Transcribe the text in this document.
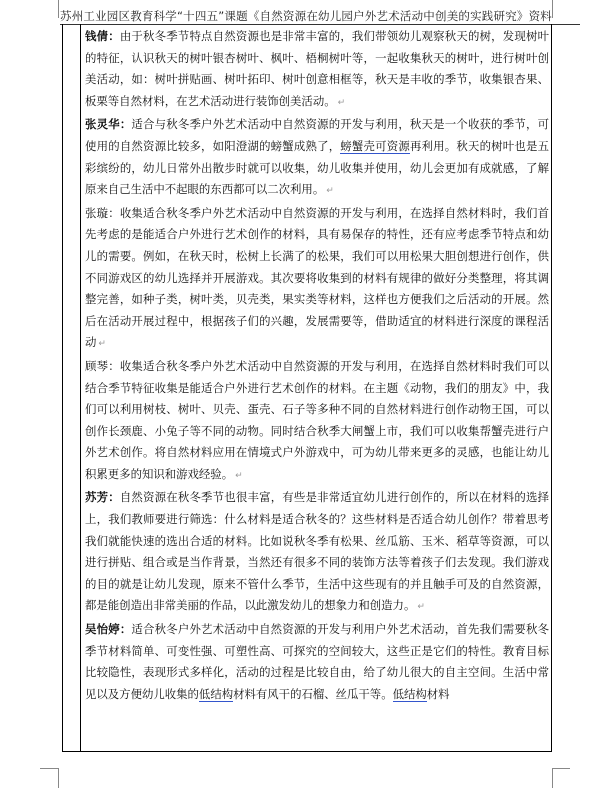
苏州工业园区教育科学“十四五”课题《自然资源在幼儿园户外艺术活动中创美的实践研究》资料

钱倩：由于秋冬季节特点自然资源也是非常丰富的，我们带领幼儿观察秋天的树，发现树叶的特征，认识秋天的树叶银杏树叶、枫叶、梧桐树叶等，一起收集秋天的树叶，进行树叶创美活动，如：树叶拼贴画、树叶拓印、树叶创意相框等，秋天是丰收的季节，收集银杏果、板栗等自然材料，在艺术活动进行装饰创美活动。 ↵

张灵华：适合与秋冬季户外艺术活动中自然资源的开发与利用，秋天是一个收获的季节，可使用的自然资源比较多，如阳澄湖的螃蟹成熟了，螃蟹壳可资源再利用。秋天的树叶也是五彩缤纷的，幼儿日常外出散步时就可以收集，幼儿收集并使用，幼儿会更加有成就感，了解原来自己生活中不起眼的东西都可以二次利用。 ↵

张璇：收集适合秋冬季户外艺术活动中自然资源的开发与利用，在选择自然材料时，我们首先考虑的是能适合户外进行艺术创作的材料，具有易保存的特性，还有应考虑季节特点和幼儿的需要。例如，在秋天时，松树上长满了的松果，我们可以用松果大胆创想进行创作，供不同游戏区的幼儿选择并开展游戏。其次要将收集到的材料有规律的做好分类整理，将其调整完善，如种子类，树叶类，贝壳类，果实类等材料，这样也方便我们之后活动的开展。然后在活动开展过程中，根据孩子们的兴趣，发展需要等，借助适宜的材料进行深度的课程活动 ↵

顾琴：收集适合秋冬季户外艺术活动中自然资源的开发与利用，在选择自然材料时我们可以结合季节特征收集是能适合户外进行艺术创作的材料。在主题《动物，我们的朋友》中，我们可以利用树枝、树叶、贝壳、蛋壳、石子等多种不同的自然材料进行创作动物王国，可以创作长颈鹿、小兔子等不同的动物。同时结合秋季大闸蟹上市，我们可以收集帮蟹壳进行户外艺术创作。将自然材料应用在情境式户外游戏中，可为幼儿带来更多的灵感，也能让幼儿积累更多的知识和游戏经验。 ↵

苏芳：自然资源在秋冬季节也很丰富，有些是非常适宜幼儿进行创作的，所以在材料的选择上，我们教师要进行筛选：什么材料是适合秋冬的？这些材料是否适合幼儿创作？带着思考我们就能快速的选出合适的材料。比如说秋冬季有松果、丝瓜筋、玉米、稻草等资源，可以进行拼贴、组合或是当作背景，当然还有很多不同的装饰方法等着孩子们去发现。我们游戏的目的就是让幼儿发现，原来不管什么季节，生活中这些现有的并且触手可及的自然资源，都是能创造出非常美丽的作品，以此激发幼儿的想象力和创造力。 ↵

吴怡婷：适合秋冬户外艺术活动中自然资源的开发与利用户外艺术活动，首先我们需要秋冬季节材料简单、可变性强、可塑性高、可探究的空间较大，这些正是它们的特性。教育目标比较隐性，表现形式多样化，活动的过程是比较自由，给了幼儿很大的自主空间。生活中常见以及方便幼儿收集的低结构材料有风干的石榴、丝瓜干等。低结构材料
